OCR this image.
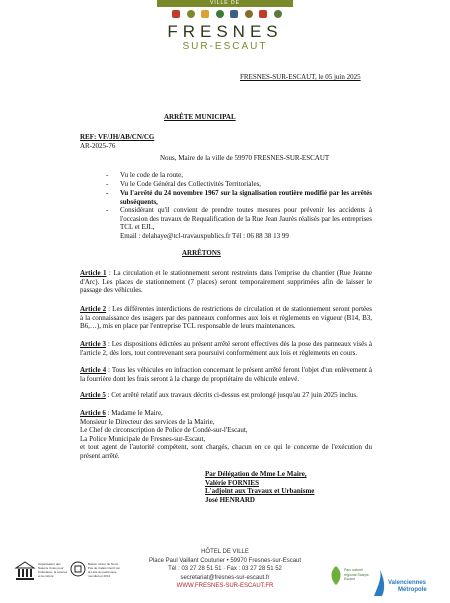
VILLE DE
FRESNES
SUR-ESCAUT
FRESNES-SUR-ESCAUT, le 05 juin 2025
ARRÊTE MUNICIPAL
REF: VF/JH/AB/CN/CG
AR-2025-76
Nous, Maire de la ville de 59970 FRESNES-SUR-ESCAUT
- Vu le code de la route,
- Vu le Code Général des Collectivités Territoriales,
- Vu l'arrêté du 24 novembre 1967 sur la signalisation routière modifié par les arrêtés subséquents,
- Considérant qu'il convient de prendre toutes mesures pour prévenir les accidents à l'occasion des travaux de Requalification de la Rue Jean Jaurès réalisés par les entreprises TCL et EJL,
Email : delahaye@tcl-travauxpublics.fr Tél : 06 88 38 13 99
ARRÊTONS
Article 1 : La circulation et le stationnement seront restreints dans l'emprise du chantier (Rue Jeanne d'Arc). Les places de stationnement (7 places) seront temporairement supprimées afin de laisser le passage des véhicules.
Article 2 : Les différentes interdictions de restrictions de circulation et de stationnement seront portées à la connaissance des usagers par des panneaux conformes aux lois et règlements en vigueur (B14, B3, B6,…), mis en place par l'entreprise TCL responsable de leurs maintenances.
Article 3 : Les dispositions édictées au présent arrêté seront effectives dès la pose des panneaux visés à l'article 2, dès lors, tout contrevenant sera poursuivi conformément aux lois et règlements en cours.
Article 4 : Tous les véhicules en infraction concernant le présent arrêté feront l'objet d'un enlèvement à la fourrière dont les frais seront à la charge du propriétaire du véhicule enlevé.
Article 5 : Cet arrêté relatif aux travaux décrits ci-dessus est prolongé jusqu'au 27 juin 2025 inclus.
Article 6 : Madame le Maire,
Monsieur le Directeur des services de la Mairie,
Le Chef de circonscription de Police de Condé-sur-l'Escaut,
La Police Municipale de Fresnes-sur-Escaut,
et tout agent de l'autorité compétent, sont chargés, chacun en ce qui le concerne de l'exécution du présent arrêté.
Par Délégation de Mme Le Maire,
Valérie FORNIES
L'adjoint aux Travaux et Urbanisme
José HENRARD
Organisation des Nations Unies pour l'éducation, la science et la culture
Bassin minier du Nord-Pas de Calais inscrit sur la Liste du patrimoine mondial en 2012
HÔTEL DE VILLE
Place Paul Vaillant Couturier • 59970 Fresnes-sur-Escaut
Tél : 03 27 28 51 51 · Fax : 03 27 28 51 52
secretariat@fresnes-sur-escaut.fr
WWW.FRESNES-SUR-ESCAUT.FR
Parc naturel régional Scarpe-Escaut
Valenciennes
Métropole
